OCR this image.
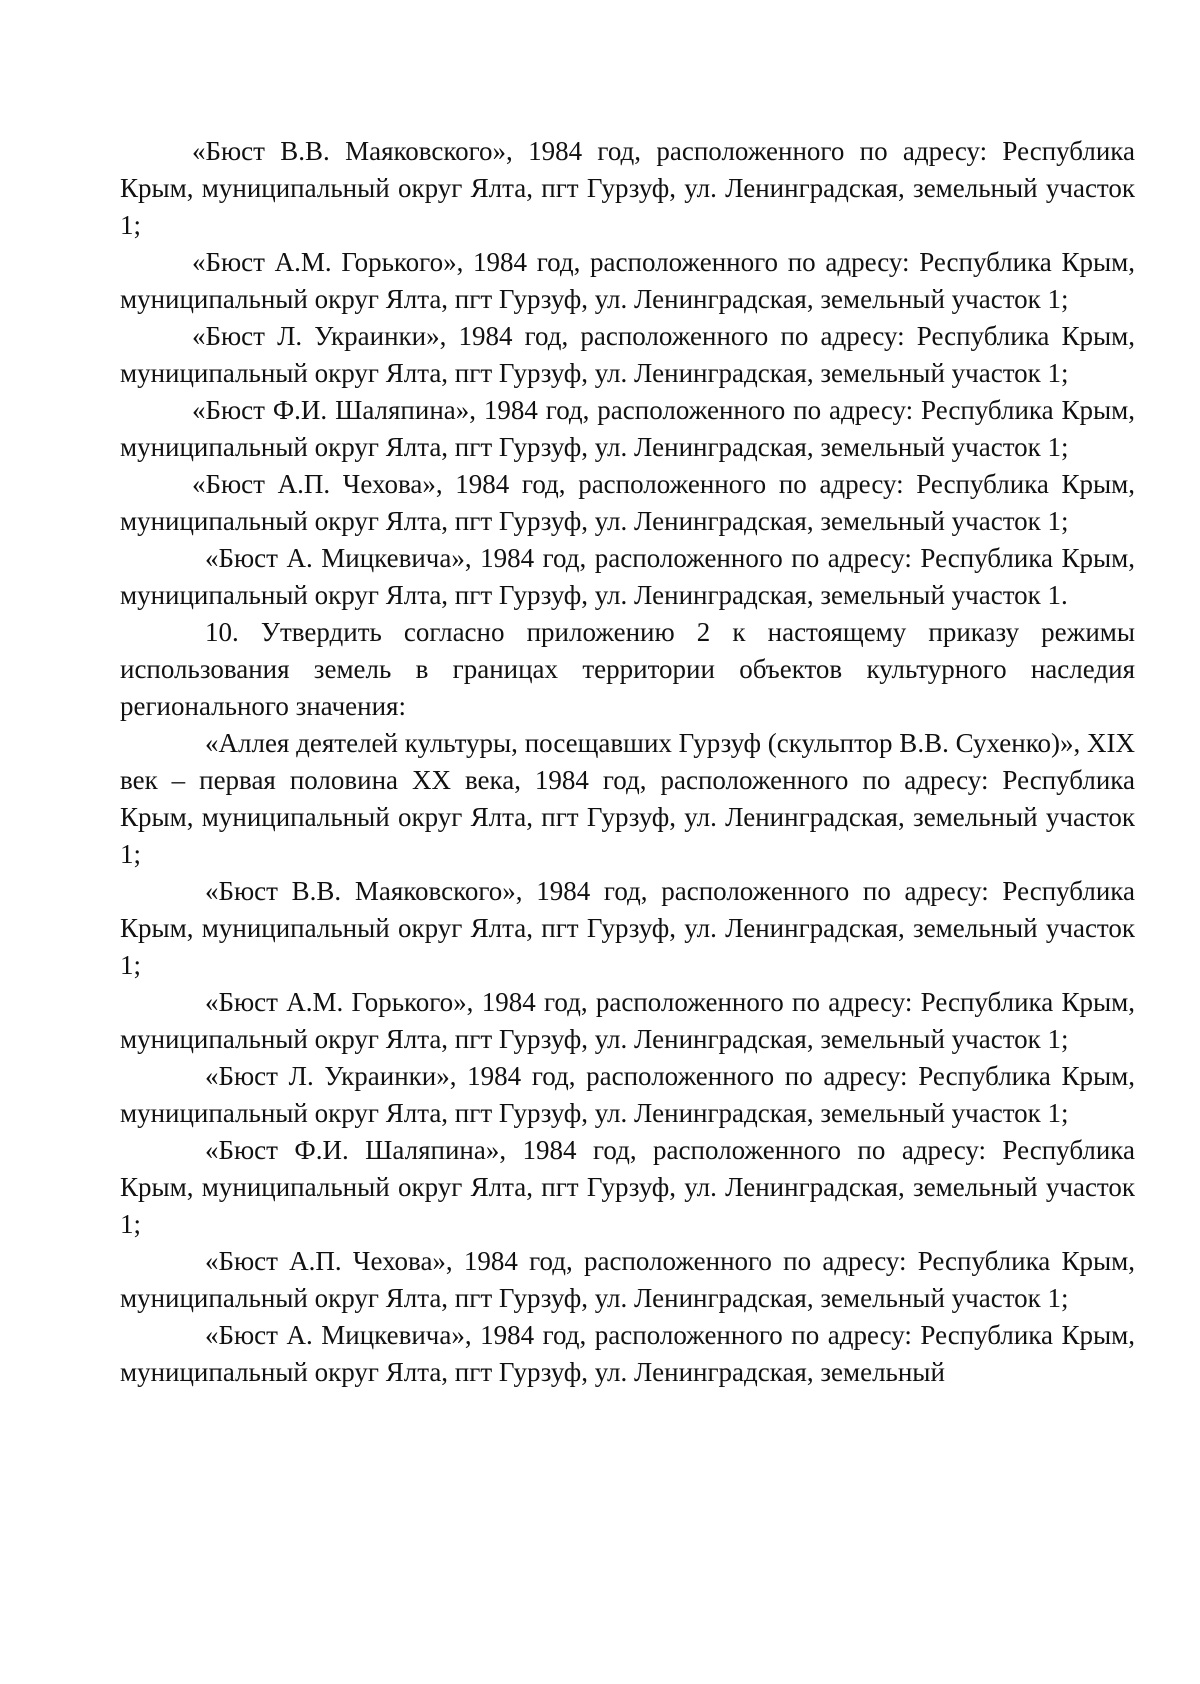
«Бюст В.В. Маяковского», 1984 год, расположенного по адресу: Республика Крым, муниципальный округ Ялта, пгт Гурзуф, ул. Ленинградская, земельный участок 1;

«Бюст А.М. Горького», 1984 год, расположенного по адресу: Республика Крым, муниципальный округ Ялта, пгт Гурзуф, ул. Ленинградская, земельный участок 1;

«Бюст Л. Украинки», 1984 год, расположенного по адресу: Республика Крым, муниципальный округ Ялта, пгт Гурзуф, ул. Ленинградская, земельный участок 1;

«Бюст Ф.И. Шаляпина», 1984 год, расположенного по адресу: Республика Крым, муниципальный округ Ялта, пгт Гурзуф, ул. Ленинградская, земельный участок 1;

«Бюст А.П. Чехова», 1984 год, расположенного по адресу: Республика Крым, муниципальный округ Ялта, пгт Гурзуф, ул. Ленинградская, земельный участок 1;

«Бюст А. Мицкевича», 1984 год, расположенного по адресу: Республика Крым, муниципальный округ Ялта, пгт Гурзуф, ул. Ленинградская, земельный участок 1.

10. Утвердить согласно приложению 2 к настоящему приказу режимы использования земель в границах территории объектов культурного наследия регионального значения:

«Аллея деятелей культуры, посещавших Гурзуф (скульптор В.В. Сухенко)», XIX век – первая половина XX века, 1984 год, расположенного по адресу: Республика Крым, муниципальный округ Ялта, пгт Гурзуф, ул. Ленинградская, земельный участок 1;

«Бюст В.В. Маяковского», 1984 год, расположенного по адресу: Республика Крым, муниципальный округ Ялта, пгт Гурзуф, ул. Ленинградская, земельный участок 1;

«Бюст А.М. Горького», 1984 год, расположенного по адресу: Республика Крым, муниципальный округ Ялта, пгт Гурзуф, ул. Ленинградская, земельный участок 1;

«Бюст Л. Украинки», 1984 год, расположенного по адресу: Республика Крым, муниципальный округ Ялта, пгт Гурзуф, ул. Ленинградская, земельный участок 1;

«Бюст Ф.И. Шаляпина», 1984 год, расположенного по адресу: Республика Крым, муниципальный округ Ялта, пгт Гурзуф, ул. Ленинградская, земельный участок 1;

«Бюст А.П. Чехова», 1984 год, расположенного по адресу: Республика Крым, муниципальный округ Ялта, пгт Гурзуф, ул. Ленинградская, земельный участок 1;

«Бюст А. Мицкевича», 1984 год, расположенного по адресу: Республика Крым, муниципальный округ Ялта, пгт Гурзуф, ул. Ленинградская, земельный
